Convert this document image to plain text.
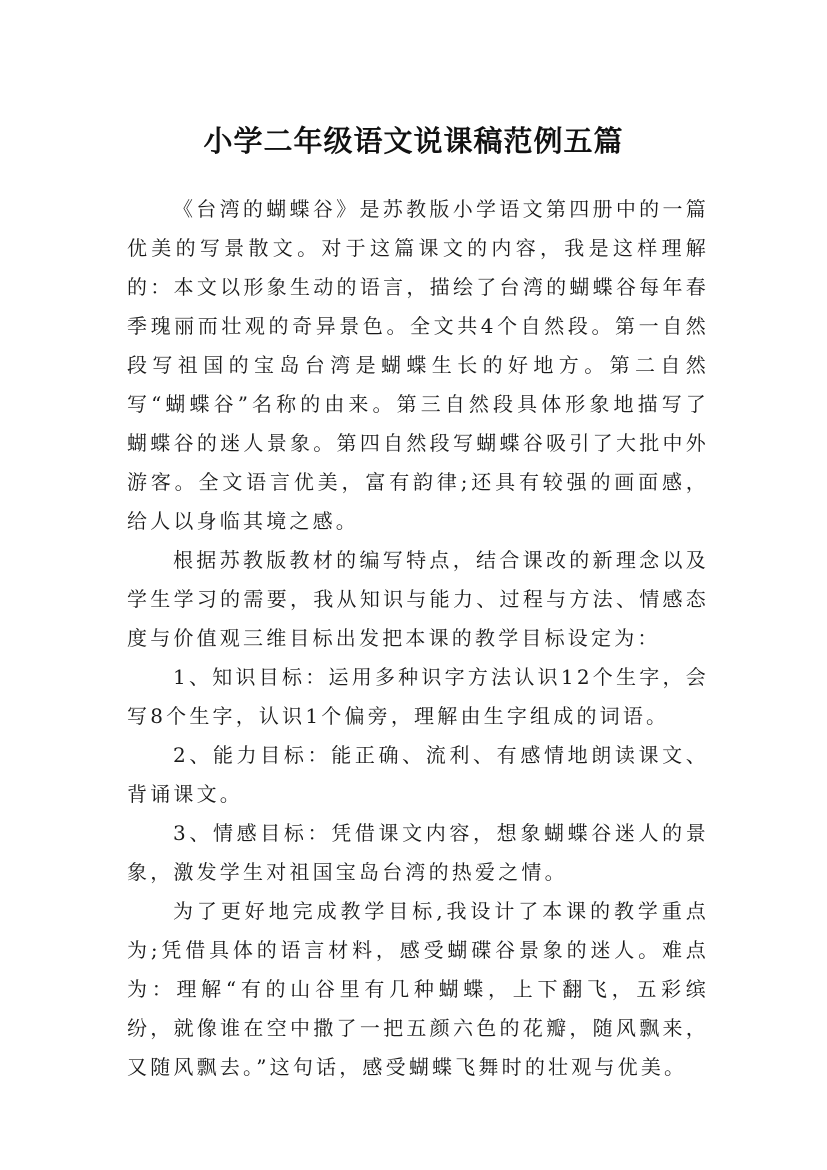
小学二年级语文说课稿范例五篇

《台湾的蝴蝶谷》是苏教版小学语文第四册中的一篇优美的写景散文。对于这篇课文的内容，我是这样理解的：本文以形象生动的语言，描绘了台湾的蝴蝶谷每年春季瑰丽而壮观的奇异景色。全文共4个自然段。第一自然段写祖国的宝岛台湾是蝴蝶生长的好地方。第二自然写“蝴蝶谷”名称的由来。第三自然段具体形象地描写了蝴蝶谷的迷人景象。第四自然段写蝴蝶谷吸引了大批中外游客。全文语言优美，富有韵律;还具有较强的画面感，给人以身临其境之感。

根据苏教版教材的编写特点，结合课改的新理念以及学生学习的需要，我从知识与能力、过程与方法、情感态度与价值观三维目标出发把本课的教学目标设定为：

1、知识目标：运用多种识字方法认识12个生字，会写8个生字，认识1个偏旁，理解由生字组成的词语。

2、能力目标：能正确、流利、有感情地朗读课文、背诵课文。

3、情感目标：凭借课文内容，想象蝴蝶谷迷人的景象，激发学生对祖国宝岛台湾的热爱之情。

为了更好地完成教学目标,我设计了本课的教学重点为;凭借具体的语言材料，感受蝴碟谷景象的迷人。难点为：理解“有的山谷里有几种蝴蝶，上下翻飞，五彩缤纷，就像谁在空中撒了一把五颜六色的花瓣，随风飘来，又随风飘去。”这句话，感受蝴蝶飞舞时的壮观与优美。
